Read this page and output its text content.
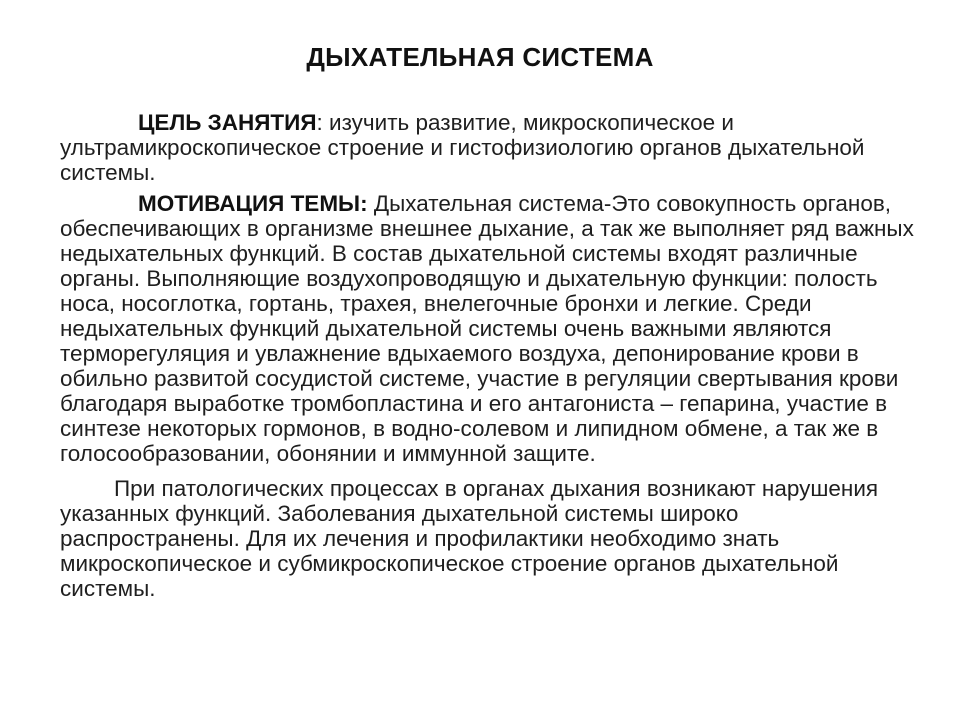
ДЫХАТЕЛЬНАЯ СИСТЕМА

ЦЕЛЬ ЗАНЯТИЯ: изучить развитие, микроскопическое и ультрамикроскопическое строение и гистофизиологию органов дыхательной системы.

МОТИВАЦИЯ ТЕМЫ: Дыхательная система-Это совокупность органов, обеспечивающих в организме внешнее дыхание, а так же выполняет ряд важных недыхательных функций. В состав дыхательной системы входят различные органы. Выполняющие воздухопроводящую и дыхательную функции: полость носа, носоглотка, гортань, трахея, внелегочные бронхи и легкие. Среди недыхательных функций дыхательной системы очень важными являются терморегуляция и увлажнение вдыхаемого воздуха, депонирование крови в обильно развитой сосудистой системе, участие в регуляции свертывания крови благодаря выработке тромбопластина и его антагониста – гепарина, участие в синтезе некоторых гормонов, в водно-солевом и липидном обмене, а так же в голосообразовании, обонянии и иммунной защите.

При патологических процессах в органах дыхания возникают нарушения указанных функций. Заболевания дыхательной системы широко распространены. Для их лечения и профилактики необходимо знать микроскопическое и субмикроскопическое строение органов дыхательной системы.
